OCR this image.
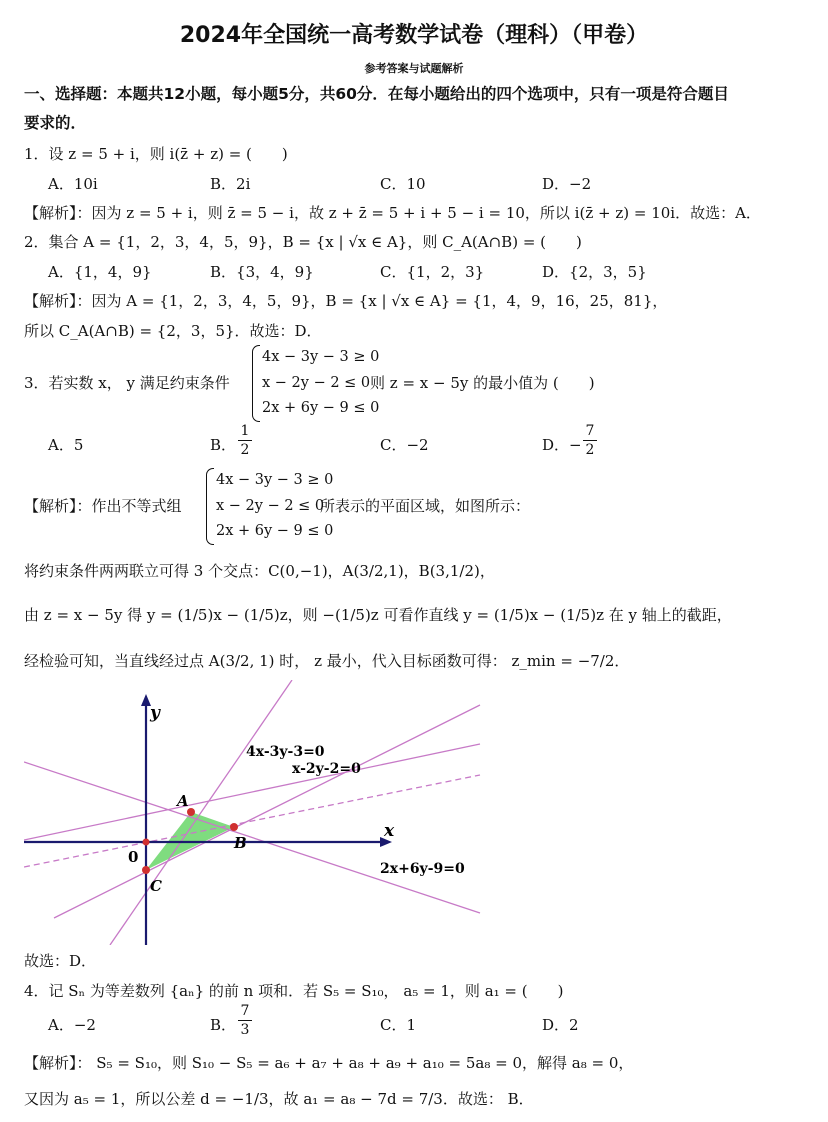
2024年全国统一高考数学试卷（理科）（甲卷）
参考答案与试题解析
一、选择题：本题共12小题，每小题5分，共60分．在每小题给出的四个选项中，只有一项是符合题目
要求的．
1．设 z = 5 + i，则 i(z̄ + z) = (　　)
A．10i	B．2i	C．10	D．−2
【解析】：因为 z = 5 + i，则 z̄ = 5 − i，故 z + z̄ = 5 + i + 5 − i = 10，所以 i(z̄ + z) = 10i．故选：A．
2．集合 A = {1，2，3，4，5，9}，B = {x | √x ∈ A}，则 C_A(A∩B) = (　　)
A．{1，4，9}	B．{3，4，9}	C．{1，2，3}	D．{2，3，5}
【解析】：因为 A = {1，2，3，4，5，9}，B = {x | √x ∈ A} = {1，4，9，16，25，81}，
所以 C_A(A∩B) = {2，3，5}．故选：D．
3．若实数 x， y 满足约束条件
4x − 3y − 3 ≥ 0
x − 2y − 2 ≤ 0
2x + 6y − 9 ≤ 0
则 z = x − 5y 的最小值为 (　　)
A．5	B．
1
2	C．−2	D．−
7
2
【解析】：作出不等式组
4x − 3y − 3 ≥ 0
x − 2y − 2 ≤ 0
2x + 6y − 9 ≤ 0
所表示的平面区域，如图所示：
将约束条件两两联立可得 3 个交点：C(0,−1)，A(3/2,1)，B(3,1/2)，
由 z = x − 5y 得 y = (1/5)x − (1/5)z，则 −(1/5)z 可看作直线 y = (1/5)x − (1/5)z 在 y 轴上的截距，
经检验可知，当直线经过点 A(3/2, 1) 时， z 最小，代入目标函数可得： z_min = −7/2．
y
x
0
A
B
C
4x-3y-3=0
x-2y-2=0
2x+6y-9=0
故选：D．
4．记 Sₙ 为等差数列 {aₙ} 的前 n 项和．若 S₅ = S₁₀， a₅ = 1，则 a₁ = (　　)
A．−2	B．
7
3	C．1	D．2
【解析】： S₅ = S₁₀，则 S₁₀ − S₅ = a₆ + a₇ + a₈ + a₉ + a₁₀ = 5a₈ = 0，解得 a₈ = 0，
又因为 a₅ = 1，所以公差 d = −1/3，故 a₁ = a₈ − 7d = 7/3．故选： B．
